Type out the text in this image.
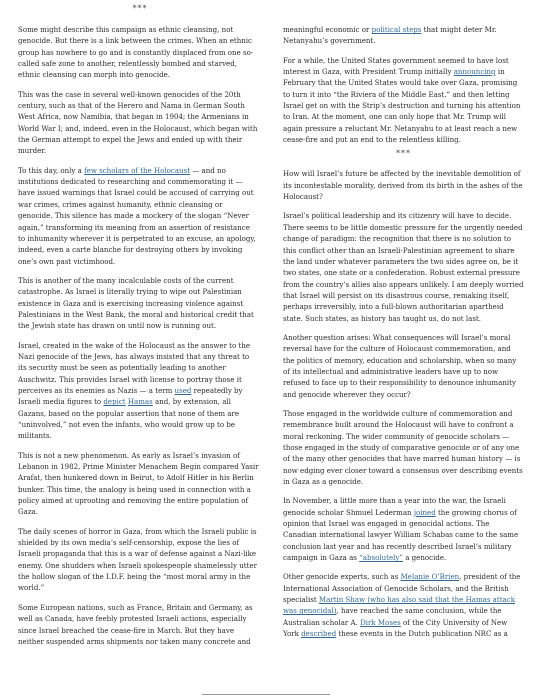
***

Some might describe this campaign as ethnic cleansing, not genocide. But there is a link between the crimes. When an ethnic group has nowhere to go and is constantly displaced from one so-called safe zone to another, relentlessly bombed and starved, ethnic cleansing can morph into genocide.

This was the case in several well-known genocides of the 20th century, such as that of the Herero and Nama in German South West Africa, now Namibia, that began in 1904; the Armenians in World War I; and, indeed, even in the Holocaust, which began with the German attempt to expel the Jews and ended up with their murder.

To this day, only a few scholars of the Holocaust — and no institutions dedicated to researching and commemorating it — have issued warnings that Israel could be accused of carrying out war crimes, crimes against humanity, ethnic cleansing or genocide. This silence has made a mockery of the slogan “Never again,” transforming its meaning from an assertion of resistance to inhumanity wherever it is perpetrated to an excuse, an apology, indeed, even a carte blanche for destroying others by invoking one’s own past victimhood.

This is another of the many incalculable costs of the current catastrophe. As Israel is literally trying to wipe out Palestinian existence in Gaza and is exercising increasing violence against Palestinians in the West Bank, the moral and historical credit that the Jewish state has drawn on until now is running out.

Israel, created in the wake of the Holocaust as the answer to the Nazi genocide of the Jews, has always insisted that any threat to its security must be seen as potentially leading to another Auschwitz. This provides Israel with license to portray those it perceives as its enemies as Nazis — a term used repeatedly by Israeli media figures to depict Hamas and, by extension, all Gazans, based on the popular assertion that none of them are “uninvolved,” not even the infants, who would grow up to be militants.

This is not a new phenomenon. As early as Israel’s invasion of Lebanon in 1982, Prime Minister Menachem Begin compared Yasir Arafat, then hunkered down in Beirut, to Adolf Hitler in his Berlin bunker. This time, the analogy is being used in connection with a policy aimed at uprooting and removing the entire population of Gaza.

The daily scenes of horror in Gaza, from which the Israeli public is shielded by its own media’s self-censorship, expose the lies of Israeli propaganda that this is a war of defense against a Nazi-like enemy. One shudders when Israeli spokespeople shamelessly utter the hollow slogan of the I.D.F. being the “most moral army in the world.”

Some European nations, such as France, Britain and Germany, as well as Canada, have feebly protested Israeli actions, especially since Israel breached the cease-fire in March. But they have neither suspended arms shipments nor taken many concrete and

meaningful economic or political steps that might deter Mr. Netanyahu’s government.

For a while, the United States government seemed to have lost interest in Gaza, with President Trump initially announcing in February that the United States would take over Gaza, promising to turn it into “the Riviera of the Middle East,” and then letting Israel get on with the Strip’s destruction and turning his attention to Iran. At the moment, one can only hope that Mr. Trump will again pressure a reluctant Mr. Netanyahu to at least reach a new cease-fire and put an end to the relentless killing.

***

How will Israel’s future be affected by the inevitable demolition of its incontestable morality, derived from its birth in the ashes of the Holocaust?

Israel’s political leadership and its citizenry will have to decide. There seems to be little domestic pressure for the urgently needed change of paradigm: the recognition that there is no solution to this conflict other than an Israeli-Palestinian agreement to share the land under whatever parameters the two sides agree on, be it two states, one state or a confederation. Robust external pressure from the country’s allies also appears unlikely. I am deeply worried that Israel will persist on its disastrous course, remaking itself, perhaps irreversibly, into a full-blown authoritarian apartheid state. Such states, as history has taught us, do not last.

Another question arises: What consequences will Israel’s moral reversal have for the culture of Holocaust commemoration, and the politics of memory, education and scholarship, when so many of its intellectual and administrative leaders have up to now refused to face up to their responsibility to denounce inhumanity and genocide wherever they occur?

Those engaged in the worldwide culture of commemoration and remembrance built around the Holocaust will have to confront a moral reckoning. The wider community of genocide scholars — those engaged in the study of comparative genocide or of any one of the many other genocides that have marred human history — is now edging ever closer toward a consensus over describing events in Gaza as a genocide.

In November, a little more than a year into the war, the Israeli genocide scholar Shmuel Lederman joined the growing chorus of opinion that Israel was engaged in genocidal actions. The Canadian international lawyer William Schabas came to the same conclusion last year and has recently described Israel’s military campaign in Gaza as “absolutely” a genocide.

Other genocide experts, such as Melanie O’Brien, president of the International Association of Genocide Scholars, and the British specialist Martin Shaw (who has also said that the Hamas attack was genocidal), have reached the same conclusion, while the Australian scholar A. Dirk Moses of the City University of New York described these events in the Dutch publication NRC as a
